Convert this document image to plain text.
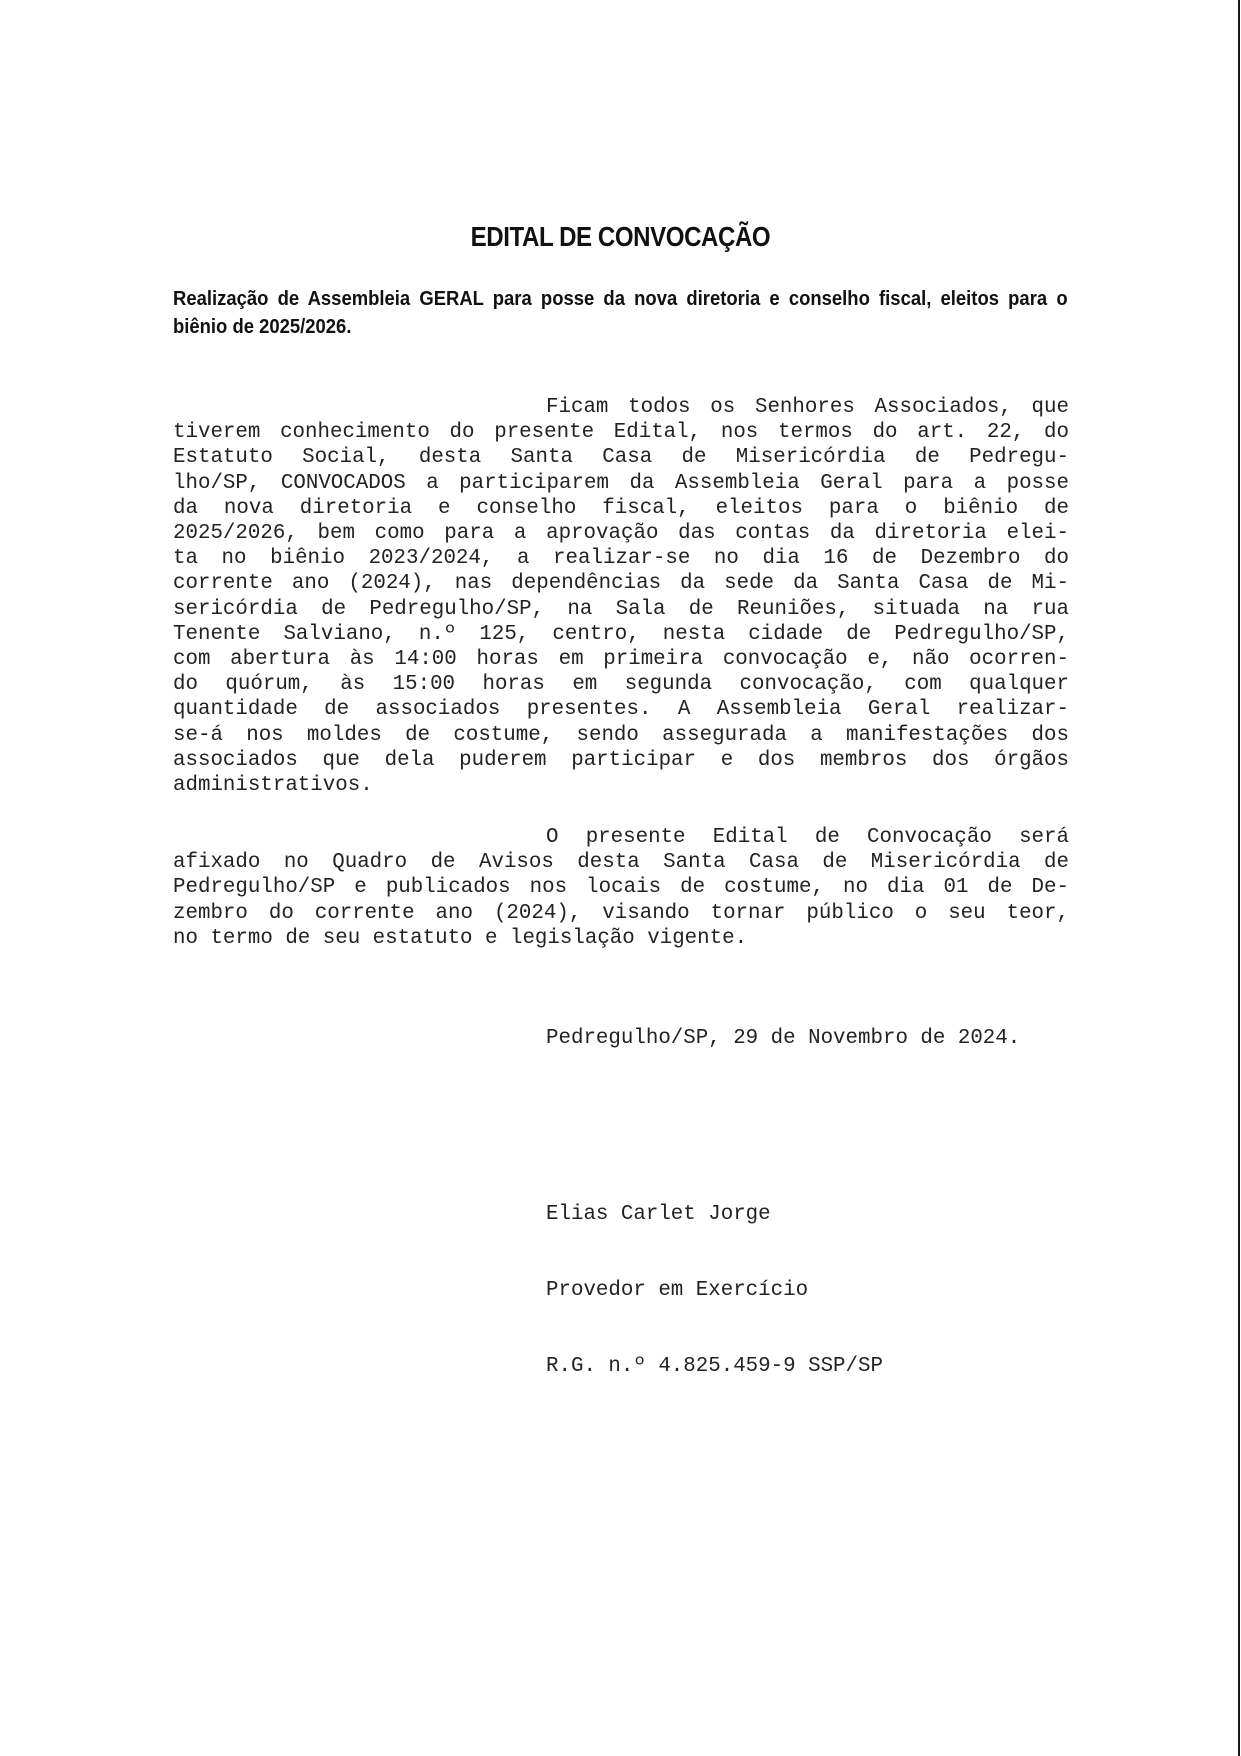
EDITAL DE CONVOCAÇÃO

Realização de Assembleia GERAL para posse da nova diretoria e conselho fiscal, eleitos para o biênio de 2025/2026.

Ficam todos os Senhores Associados, que
tiverem conhecimento do presente Edital, nos termos do art. 22, do
Estatuto Social, desta Santa Casa de Misericórdia de Pedregu-
lho/SP, CONVOCADOS a participarem da Assembleia Geral para a posse
da nova diretoria e conselho fiscal, eleitos para o biênio de
2025/2026, bem como para a aprovação das contas da diretoria elei-
ta no biênio 2023/2024, a realizar-se no dia 16 de Dezembro do
corrente ano (2024), nas dependências da sede da Santa Casa de Mi-
sericórdia de Pedregulho/SP, na Sala de Reuniões, situada na rua
Tenente Salviano, n.º 125, centro, nesta cidade de Pedregulho/SP,
com abertura às 14:00 horas em primeira convocação e, não ocorren-
do quórum, às 15:00 horas em segunda convocação, com qualquer
quantidade de associados presentes. A Assembleia Geral realizar-
se-á nos moldes de costume, sendo assegurada a manifestações dos
associados que dela puderem participar e dos membros dos órgãos
administrativos.
O presente Edital de Convocação será
afixado no Quadro de Avisos desta Santa Casa de Misericórdia de
Pedregulho/SP e publicados nos locais de costume, no dia 01 de De-
zembro do corrente ano (2024), visando tornar público o seu teor,
no termo de seu estatuto e legislação vigente.
Pedregulho/SP, 29 de Novembro de 2024.

Elias Carlet Jorge

Provedor em Exercício

R.G. n.º 4.825.459-9 SSP/SP
